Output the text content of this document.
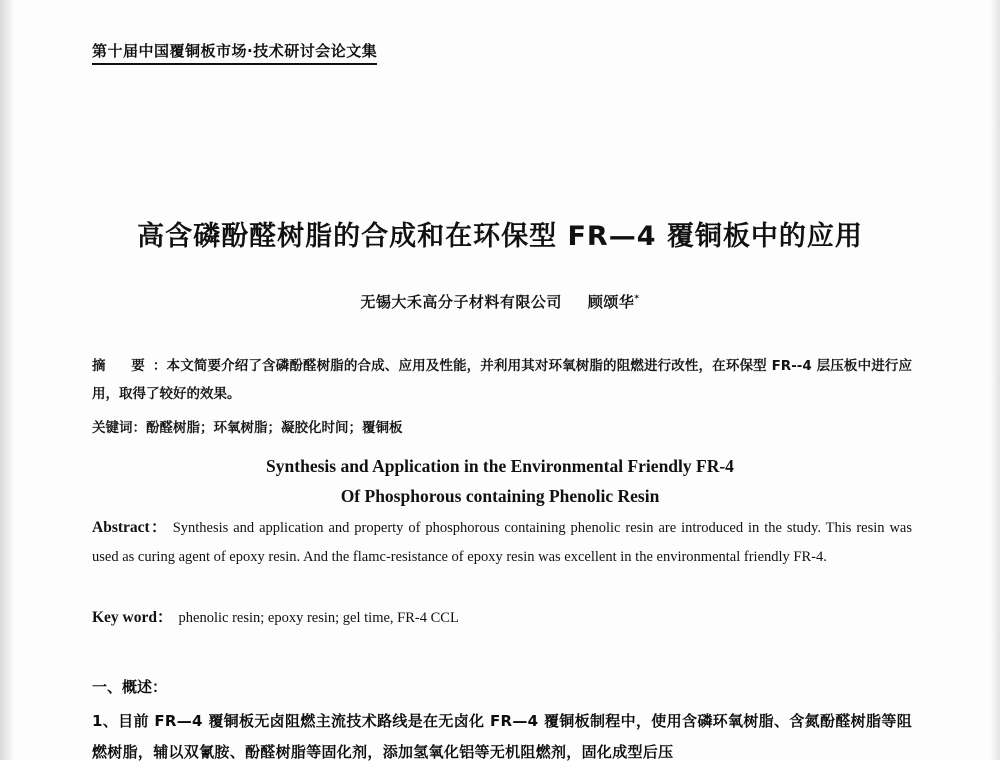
第十届中国覆铜板市场·技术研讨会论文集
高含磷酚醛树脂的合成和在环保型 FR—4 覆铜板中的应用
无锡大禾高分子材料有限公司 顾颂华*
摘　要 ：本文简要介绍了含磷酚醛树脂的合成、应用及性能，并利用其对环氧树脂的阻燃进行改性，在环保型 FR--4 层压板中进行应用，取得了较好的效果。
关键词：酚醛树脂；环氧树脂；凝胶化时间；覆铜板
Synthesis and Application in the Environmental Friendly FR-4
Of Phosphorous containing Phenolic Resin
Abstract： Synthesis and application and property of phosphorous containing phenolic resin are introduced in the study. This resin was used as curing agent of epoxy resin. And the flamc-resistance of epoxy resin was excellent in the environmental friendly FR-4.
Key word： phenolic resin; epoxy resin; gel time, FR-4 CCL
一、概述：
1、目前 FR—4 覆铜板无卤阻燃主流技术路线是在无卤化 FR—4 覆铜板制程中，使用含磷环氧树脂、含氮酚醛树脂等阻燃树脂，辅以双氰胺、酚醛树脂等固化剂，添加氢氧化铝等无机阻燃剂，固化成型后压
